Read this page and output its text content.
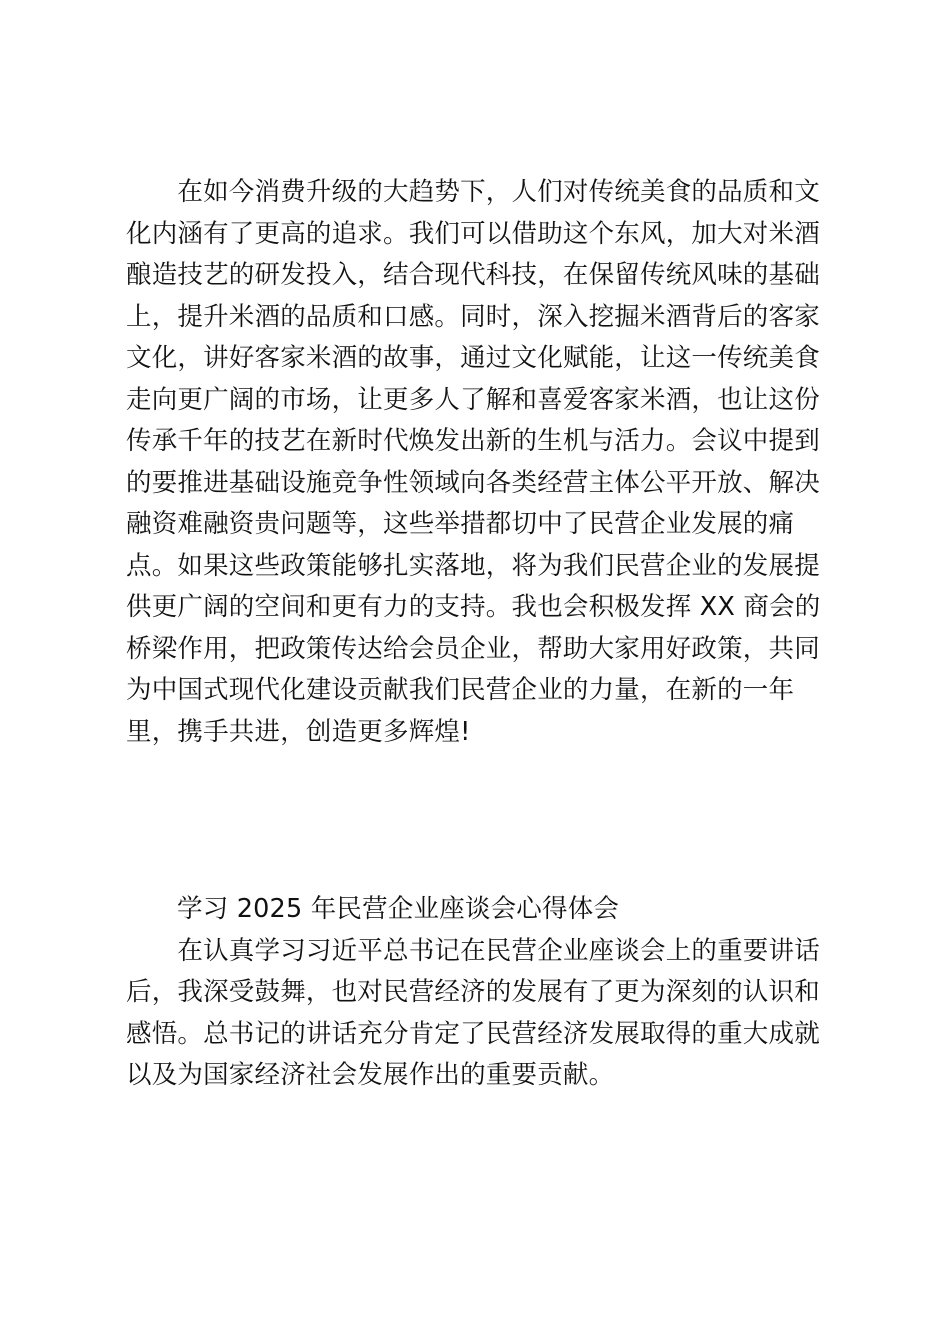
　　在如今消费升级的大趋势下，人们对传统美食的品质和文
化内涵有了更高的追求。我们可以借助这个东风，加大对米酒
酿造技艺的研发投入，结合现代科技，在保留传统风味的基础
上，提升米酒的品质和口感。同时，深入挖掘米酒背后的客家
文化，讲好客家米酒的故事，通过文化赋能，让这一传统美食
走向更广阔的市场，让更多人了解和喜爱客家米酒，也让这份
传承千年的技艺在新时代焕发出新的生机与活力。会议中提到
的要推进基础设施竞争性领域向各类经营主体公平开放、解决
融资难融资贵问题等，这些举措都切中了民营企业发展的痛
点。如果这些政策能够扎实落地，将为我们民营企业的发展提
供更广阔的空间和更有力的支持。我也会积极发挥 XX 商会的
桥梁作用，把政策传达给会员企业，帮助大家用好政策，共同
为中国式现代化建设贡献我们民营企业的力量，在新的一年
里，携手共进，创造更多辉煌!
学习 2025 年民营企业座谈会心得体会
　　在认真学习习近平总书记在民营企业座谈会上的重要讲话
后，我深受鼓舞，也对民营经济的发展有了更为深刻的认识和
感悟。总书记的讲话充分肯定了民营经济发展取得的重大成就
以及为国家经济社会发展作出的重要贡献。
